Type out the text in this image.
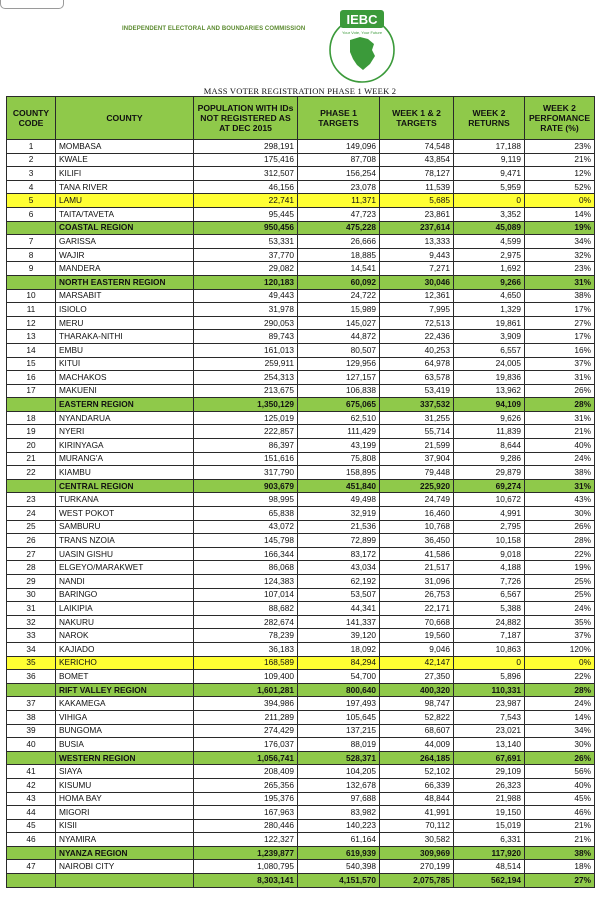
INDEPENDENT ELECTORAL AND BOUNDARIES COMMISSION
IEBC
Your Vote, Your Future
MASS VOTER REGISTRATION PHASE 1 WEEK 2
COUNTY CODE	COUNTY	POPULATION WITH IDs NOT REGISTERED AS AT DEC 2015	PHASE 1 TARGETS	WEEK 1 & 2 TARGETS	WEEK 2 RETURNS	WEEK 2 PERFOMANCE RATE (%)
1	MOMBASA	298,191	149,096	74,548	17,188	23%
2	KWALE	175,416	87,708	43,854	9,119	21%
3	KILIFI	312,507	156,254	78,127	9,471	12%
4	TANA RIVER	46,156	23,078	11,539	5,959	52%
5	LAMU	22,741	11,371	5,685	0	0%
6	TAITA/TAVETA	95,445	47,723	23,861	3,352	14%
	COASTAL REGION	950,456	475,228	237,614	45,089	19%
7	GARISSA	53,331	26,666	13,333	4,599	34%
8	WAJIR	37,770	18,885	9,443	2,975	32%
9	MANDERA	29,082	14,541	7,271	1,692	23%
	NORTH EASTERN REGION	120,183	60,092	30,046	9,266	31%
10	MARSABIT	49,443	24,722	12,361	4,650	38%
11	ISIOLO	31,978	15,989	7,995	1,329	17%
12	MERU	290,053	145,027	72,513	19,861	27%
13	THARAKA-NITHI	89,743	44,872	22,436	3,909	17%
14	EMBU	161,013	80,507	40,253	6,557	16%
15	KITUI	259,911	129,956	64,978	24,005	37%
16	MACHAKOS	254,313	127,157	63,578	19,836	31%
17	MAKUENI	213,675	106,838	53,419	13,962	26%
	EASTERN REGION	1,350,129	675,065	337,532	94,109	28%
18	NYANDARUA	125,019	62,510	31,255	9,626	31%
19	NYERI	222,857	111,429	55,714	11,839	21%
20	KIRINYAGA	86,397	43,199	21,599	8,644	40%
21	MURANG'A	151,616	75,808	37,904	9,286	24%
22	KIAMBU	317,790	158,895	79,448	29,879	38%
	CENTRAL REGION	903,679	451,840	225,920	69,274	31%
23	TURKANA	98,995	49,498	24,749	10,672	43%
24	WEST POKOT	65,838	32,919	16,460	4,991	30%
25	SAMBURU	43,072	21,536	10,768	2,795	26%
26	TRANS NZOIA	145,798	72,899	36,450	10,158	28%
27	UASIN GISHU	166,344	83,172	41,586	9,018	22%
28	ELGEYO/MARAKWET	86,068	43,034	21,517	4,188	19%
29	NANDI	124,383	62,192	31,096	7,726	25%
30	BARINGO	107,014	53,507	26,753	6,567	25%
31	LAIKIPIA	88,682	44,341	22,171	5,388	24%
32	NAKURU	282,674	141,337	70,668	24,882	35%
33	NAROK	78,239	39,120	19,560	7,187	37%
34	KAJIADO	36,183	18,092	9,046	10,863	120%
35	KERICHO	168,589	84,294	42,147	0	0%
36	BOMET	109,400	54,700	27,350	5,896	22%
	RIFT VALLEY REGION	1,601,281	800,640	400,320	110,331	28%
37	KAKAMEGA	394,986	197,493	98,747	23,987	24%
38	VIHIGA	211,289	105,645	52,822	7,543	14%
39	BUNGOMA	274,429	137,215	68,607	23,021	34%
40	BUSIA	176,037	88,019	44,009	13,140	30%
	WESTERN REGION	1,056,741	528,371	264,185	67,691	26%
41	SIAYA	208,409	104,205	52,102	29,109	56%
42	KISUMU	265,356	132,678	66,339	26,323	40%
43	HOMA BAY	195,376	97,688	48,844	21,988	45%
44	MIGORI	167,963	83,982	41,991	19,150	46%
45	KISII	280,446	140,223	70,112	15,019	21%
46	NYAMIRA	122,327	61,164	30,582	6,331	21%
	NYANZA REGION	1,239,877	619,939	309,969	117,920	38%
47	NAIROBI CITY	1,080,795	540,398	270,199	48,514	18%
		8,303,141	4,151,570	2,075,785	562,194	27%
